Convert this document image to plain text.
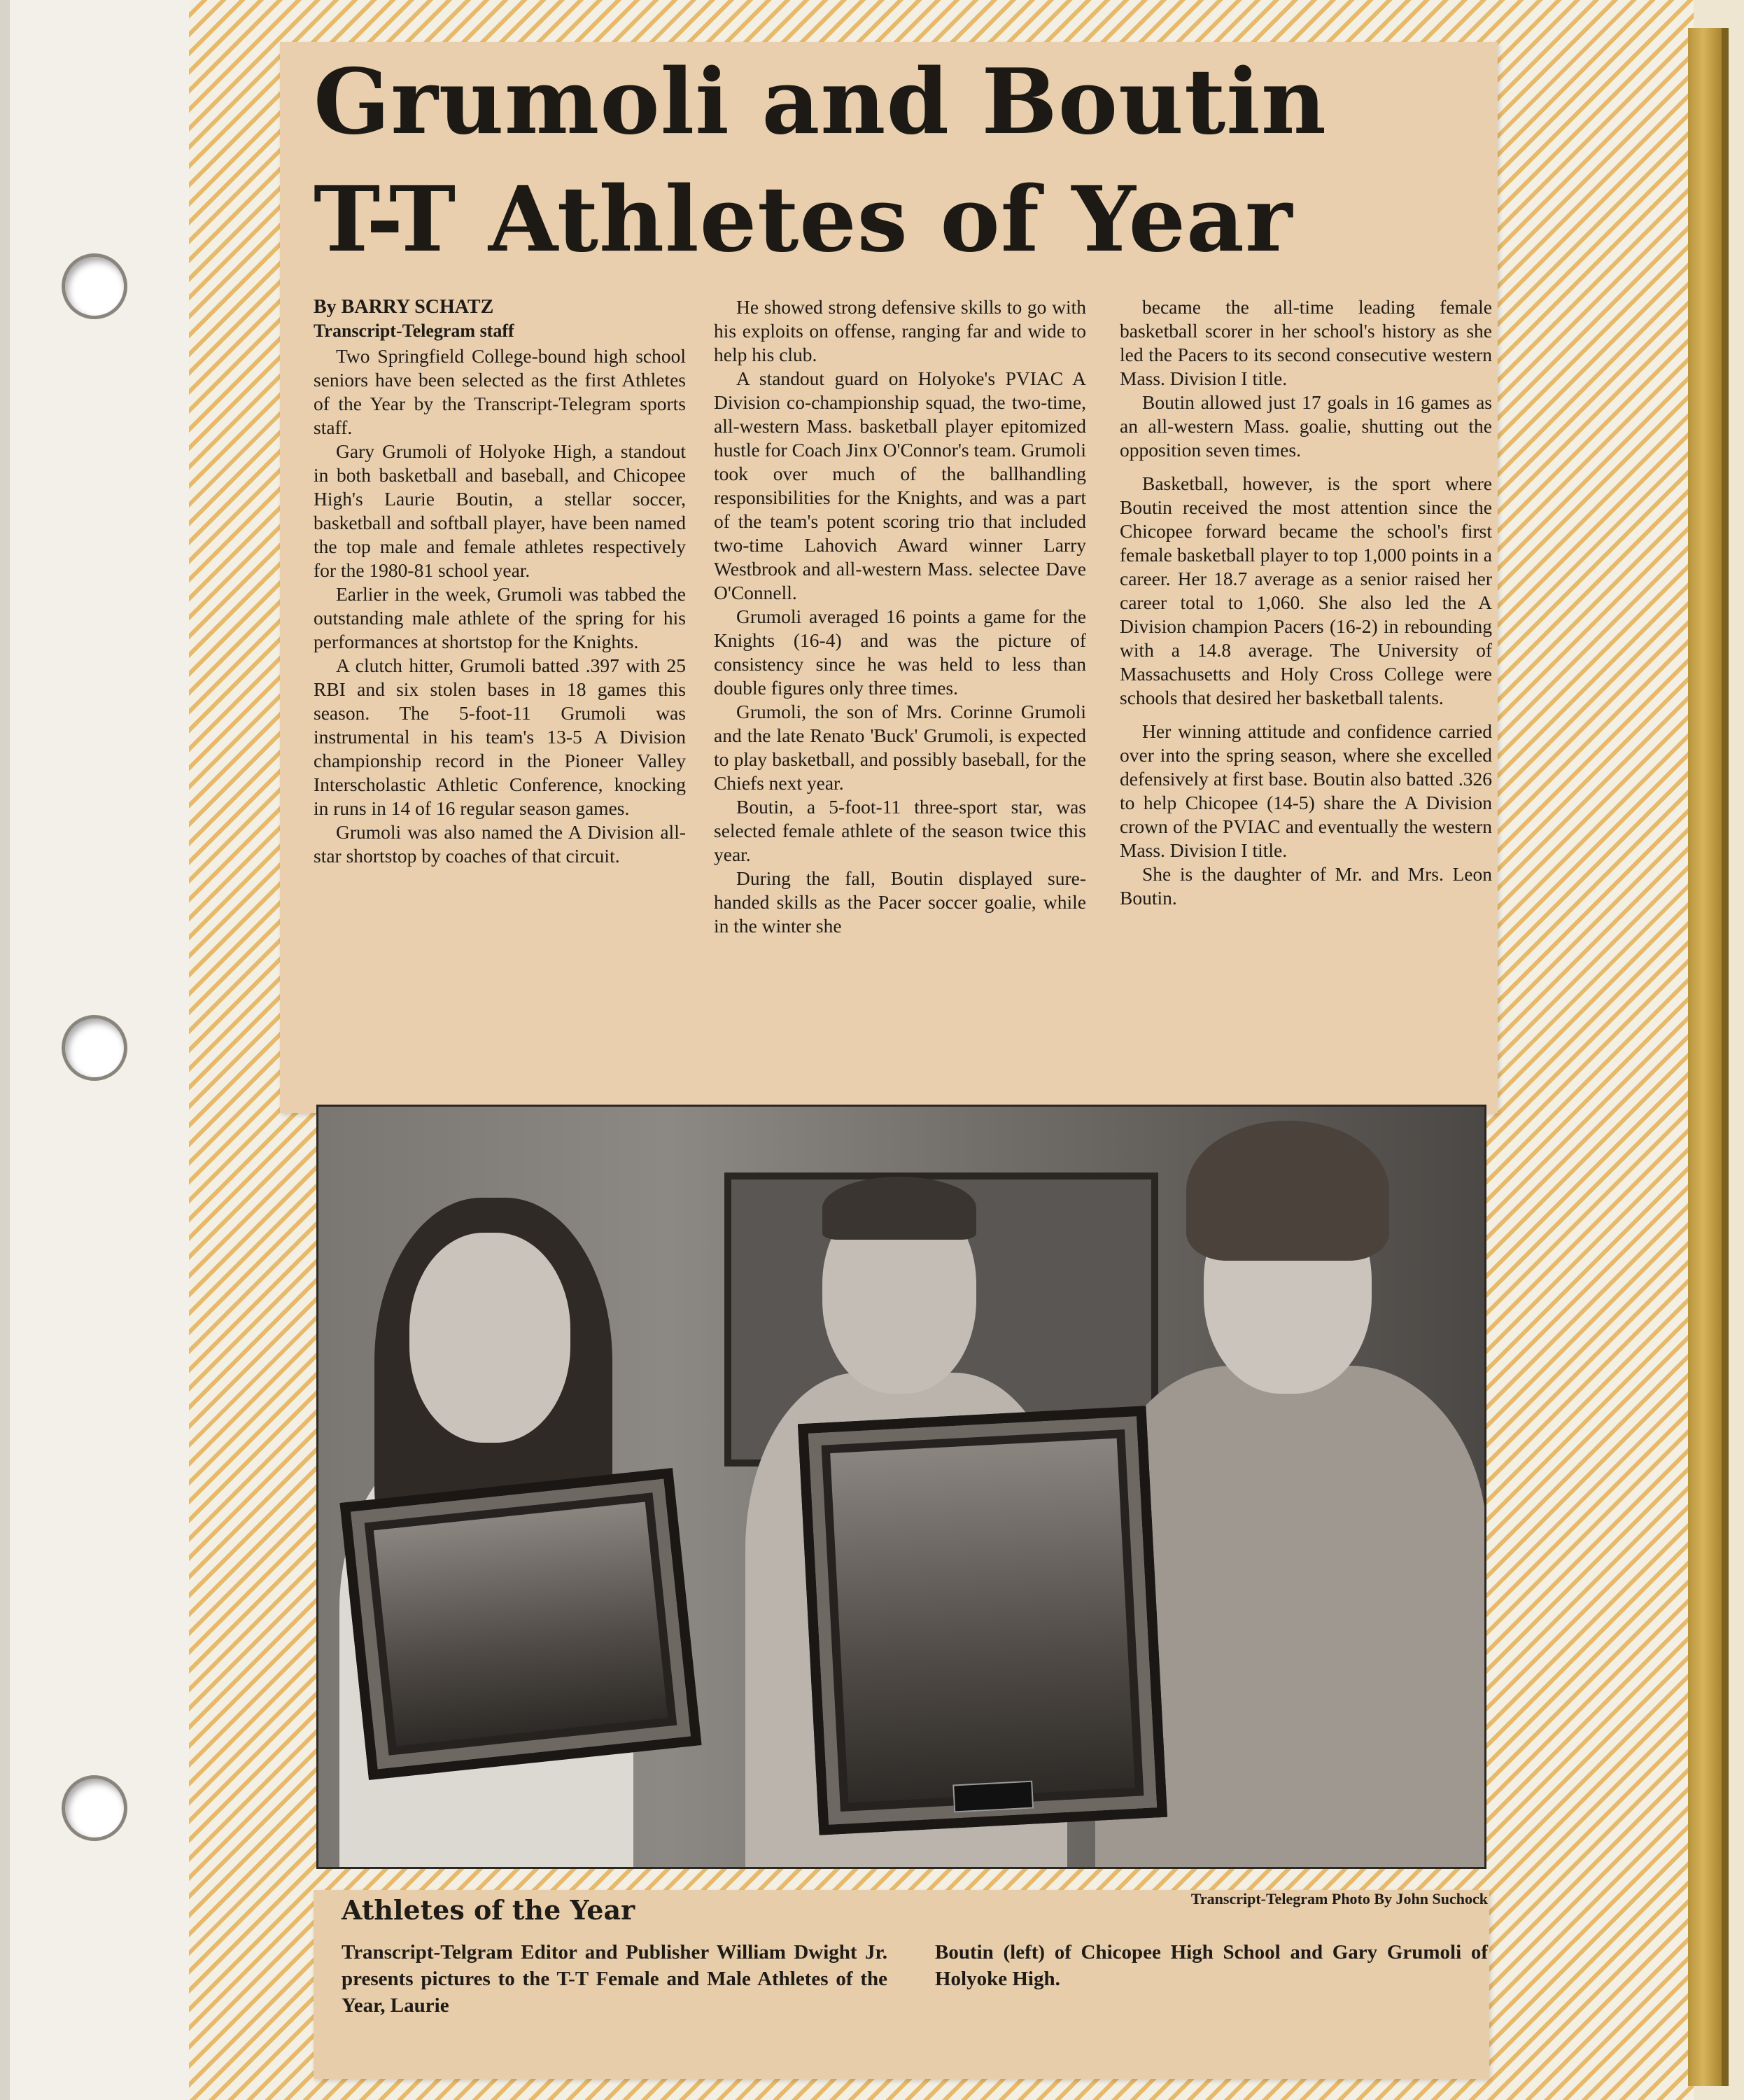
Grumoli and Boutin
T-T Athletes of Year

By BARRY SCHATZ

Transcript-Telegram staff

Two Springfield College-bound high school seniors have been selected as the first Athletes of the Year by the Transcript-Telegram sports staff.

Gary Grumoli of Holyoke High, a standout in both basketball and baseball, and Chicopee High's Laurie Boutin, a stellar soccer, basketball and softball player, have been named the top male and female athletes respectively for the 1980-81 school year.

Earlier in the week, Grumoli was tabbed the outstanding male athlete of the spring for his performances at shortstop for the Knights.

A clutch hitter, Grumoli batted .397 with 25 RBI and six stolen bases in 18 games this season. The 5-foot-11 Grumoli was instrumental in his team's 13-5 A Division championship record in the Pioneer Valley Interscholastic Athletic Conference, knocking in runs in 14 of 16 regular season games.

Grumoli was also named the A Division all-star shortstop by coaches of that circuit.

He showed strong defensive skills to go with his exploits on offense, ranging far and wide to help his club.

A standout guard on Holyoke's PVIAC A Division co-championship squad, the two-time, all-western Mass. basketball player epitomized hustle for Coach Jinx O'Connor's team. Grumoli took over much of the ballhandling responsibilities for the Knights, and was a part of the team's potent scoring trio that included two-time Lahovich Award winner Larry Westbrook and all-western Mass. selectee Dave O'Connell.

Grumoli averaged 16 points a game for the Knights (16-4) and was the picture of consistency since he was held to less than double figures only three times.

Grumoli, the son of Mrs. Corinne Grumoli and the late Renato 'Buck' Grumoli, is expected to play basketball, and possibly baseball, for the Chiefs next year.

Boutin, a 5-foot-11 three-sport star, was selected female athlete of the season twice this year.

During the fall, Boutin displayed sure-handed skills as the Pacer soccer goalie, while in the winter she

became the all-time leading female basketball scorer in her school's history as she led the Pacers to its second consecutive western Mass. Division I title.

Boutin allowed just 17 goals in 16 games as an all-western Mass. goalie, shutting out the opposition seven times.

Basketball, however, is the sport where Boutin received the most attention since the Chicopee forward became the school's first female basketball player to top 1,000 points in a career. Her 18.7 average as a senior raised her career total to 1,060. She also led the A Division champion Pacers (16-2) in rebounding with a 14.8 average. The University of Massachusetts and Holy Cross College were schools that desired her basketball talents.

Her winning attitude and confidence carried over into the spring season, where she excelled defensively at first base. Boutin also batted .326 to help Chicopee (14-5) share the A Division crown of the PVIAC and eventually the western Mass. Division I title.

She is the daughter of Mr. and Mrs. Leon Boutin.

Athletes of the Year	Transcript-Telegram Photo By John Suchock
Transcript-Telgram Editor and Publisher William Dwight Jr. presents pictures to the T-T Female and Male Athletes of the Year, Laurie
Boutin (left) of Chicopee High School and Gary Grumoli of Holyoke High.
